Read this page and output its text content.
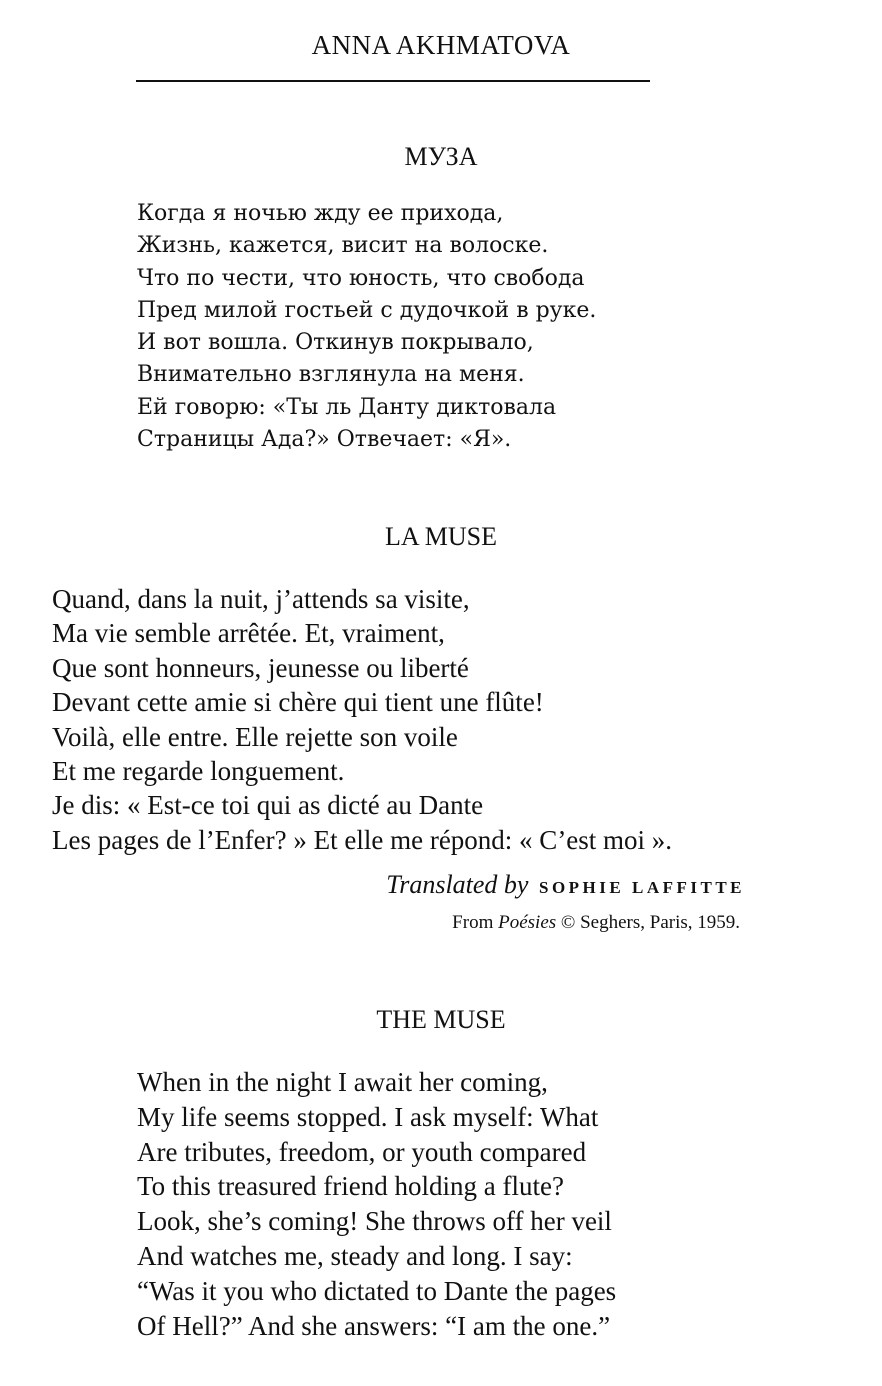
ANNA AKHMATOVA
МУЗА
Когда я ночью жду ее прихода,
Жизнь, кажется, висит на волоске.
Что по чести, что юность, что свобода
Пред милой гостьей с дудочкой в руке.
И вот вошла. Откинув покрывало,
Внимательно взглянула на меня.
Ей говорю: «Ты ль Данту диктовала
Страницы Ада?» Отвечает: «Я».
LA MUSE
Quand, dans la nuit, j’attends sa visite,
Ma vie semble arrêtée. Et, vraiment,
Que sont honneurs, jeunesse ou liberté
Devant cette amie si chère qui tient une flûte!
Voilà, elle entre. Elle rejette son voile
Et me regarde longuement.
Je dis: « Est-ce toi qui as dicté au Dante
Les pages de l’Enfer? » Et elle me répond: « C’est moi ».
Translated by SOPHIE LAFFITTE
From Poésies © Seghers, Paris, 1959.
THE MUSE
When in the night I await her coming,
My life seems stopped. I ask myself: What
Are tributes, freedom, or youth compared
To this treasured friend holding a flute?
Look, she’s coming! She throws off her veil
And watches me, steady and long. I say:
“Was it you who dictated to Dante the pages
Of Hell?” And she answers: “I am the one.”
